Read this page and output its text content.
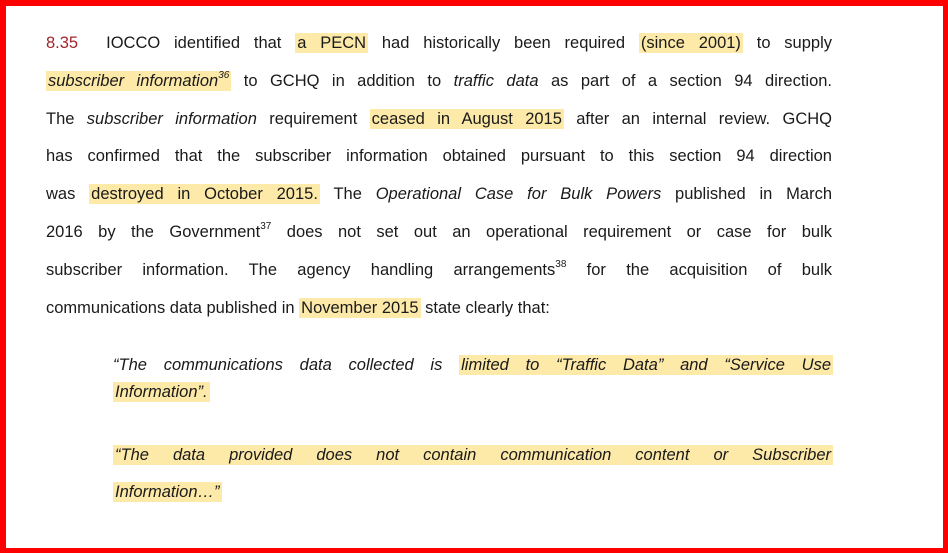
8.35 IOCCO identified that a PECN had historically been required (since 2001) to supply
subscriber information$^{36}$ to GCHQ in addition to traffic data as part of a section 94 direction.
The subscriber information requirement ceased in August 2015 after an internal review. GCHQ
has confirmed that the subscriber information obtained pursuant to this section 94 direction
was destroyed in October 2015. The Operational Case for Bulk Powers published in March
2016 by the Government$^{37}$ does not set out an operational requirement or case for bulk
subscriber information. The agency handling arrangements$^{38}$ for the acquisition of bulk
communications data published in November 2015 state clearly that:
“The communications data collected is limited to “Traffic Data” and “Service Use
Information”.
“The data provided does not contain communication content or Subscriber
Information…”
